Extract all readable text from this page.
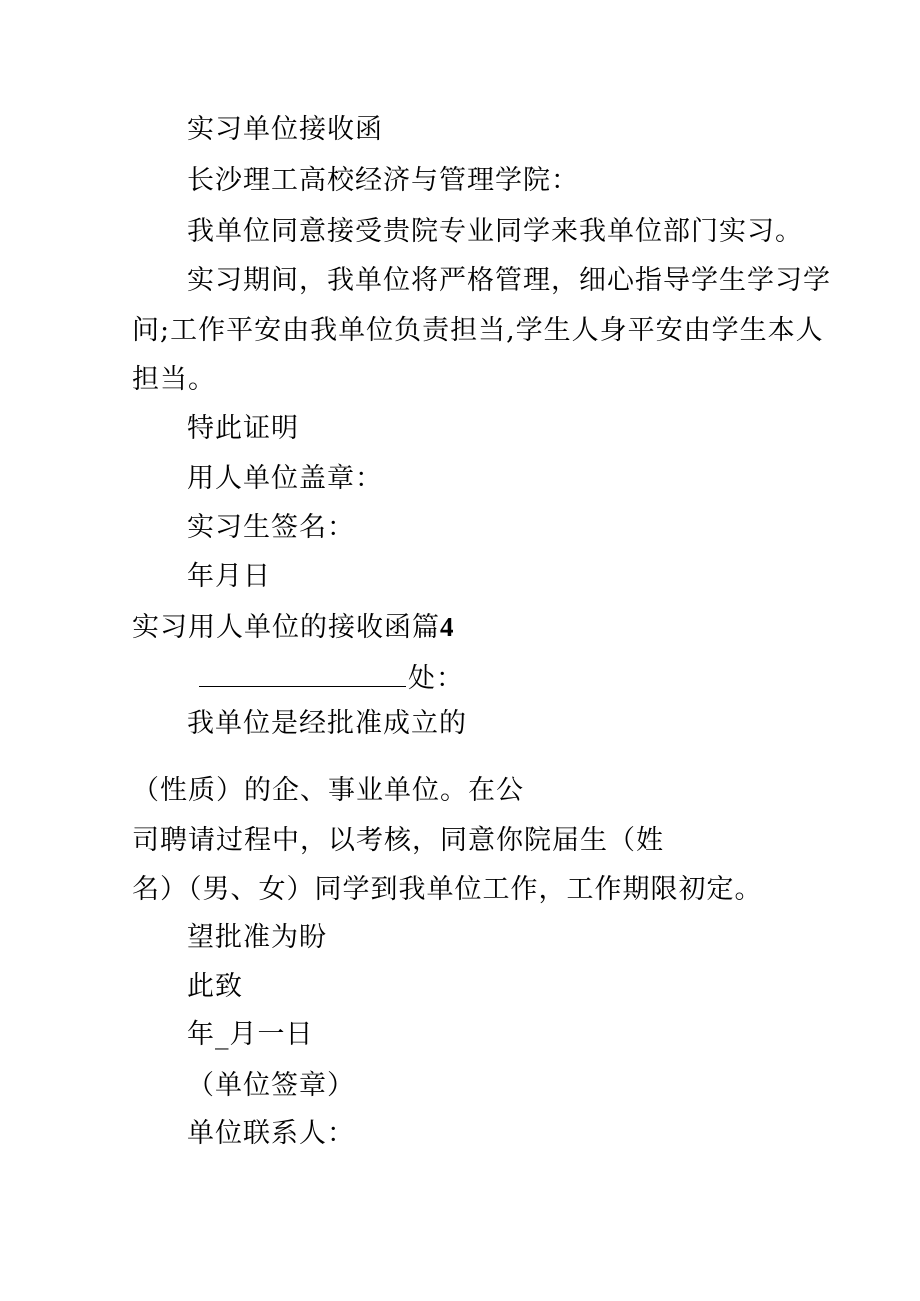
实习单位接收函
长沙理工高校经济与管理学院：
我单位同意接受贵院专业同学来我单位部门实习。
实习期间，我单位将严格管理，细心指导学生学习学
问;工作平安由我单位负责担当,学生人身平安由学生本人
担当。
特此证明
用人单位盖章：
实习生签名：
年月日
实习用人单位的接收函篇4
处：
我单位是经批准成立的
（性质）的企、事业单位。在公
司聘请过程中，以考核，同意你院届生（姓
名）（男、女）同学到我单位工作，工作期限初定。
望批准为盼
此致
年_月一日
（单位签章）
单位联系人：
